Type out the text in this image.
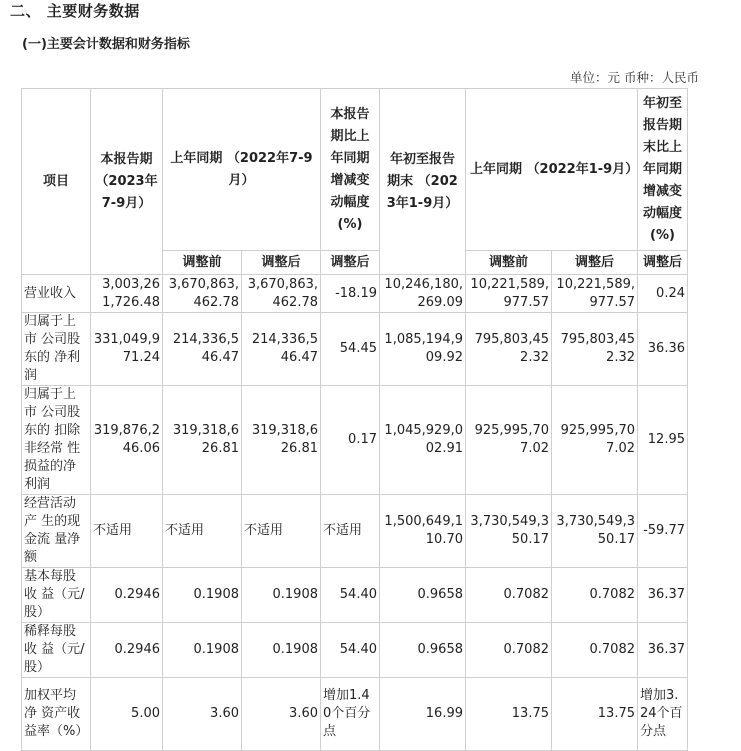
二、 主要财务数据
(一)主要会计数据和财务指标
单位：元 币种：人民币
项目	本报告期（2023年7-9月）	上年同期 （2022年7-9月）		本报告期比上年同期增减变动幅度(%)	年初至报告期末 （2023年1-9月）	上年同期 （2022年1-9月）		年初至报告期末比上年同期增减变动幅度(%)
		调整前	调整后	调整后		调整前	调整后	调整后
营业收入	3,003,261,726.48	3,670,863,462.78	3,670,863,462.78	-18.19	10,246,180,269.09	10,221,589,977.57	10,221,589,977.57	0.24
归属于上市 公司股东的 净利润	331,049,971.24	214,336,546.47	214,336,546.47	54.45	1,085,194,909.92	795,803,452.32	795,803,452.32	36.36
归属于上市 公司股东的 扣除非经常 性损益的净利润	319,876,246.06	319,318,626.81	319,318,626.81	0.17	1,045,929,002.91	925,995,707.02	925,995,707.02	12.95
经营活动产 生的现金流 量净额	不适用	不适用	不适用	不适用	1,500,649,110.70	3,730,549,350.17	3,730,549,350.17	-59.77
基本每股收 益（元/股）	0.2946	0.1908	0.1908	54.40	0.9658	0.7082	0.7082	36.37
稀释每股收 益（元/股）	0.2946	0.1908	0.1908	54.40	0.9658	0.7082	0.7082	36.37
加权平均净 资产收益率（%）	5.00	3.60	3.60	增加1.40个百分点	16.99	13.75	13.75	增加3.24个百分点
